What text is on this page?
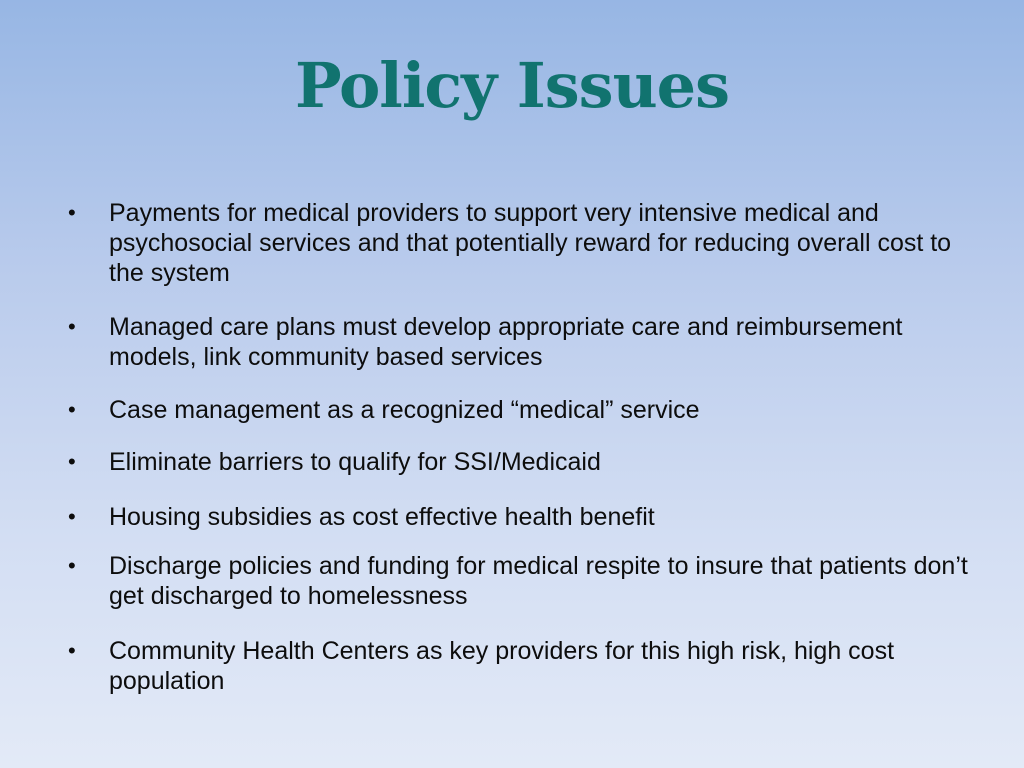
Policy Issues
•	Payments for medical providers to support very intensive medical and psychosocial services and that potentially reward for reducing overall cost to the system
•	Managed care plans must develop appropriate care and reimbursement models, link community based services
•	Case management as a recognized “medical” service
•	Eliminate barriers to qualify for SSI/Medicaid
•	Housing subsidies as cost effective health benefit
•	Discharge policies and funding for medical respite to insure that patients don’t get discharged to homelessness
•	Community Health Centers as key providers for this high risk, high cost population
